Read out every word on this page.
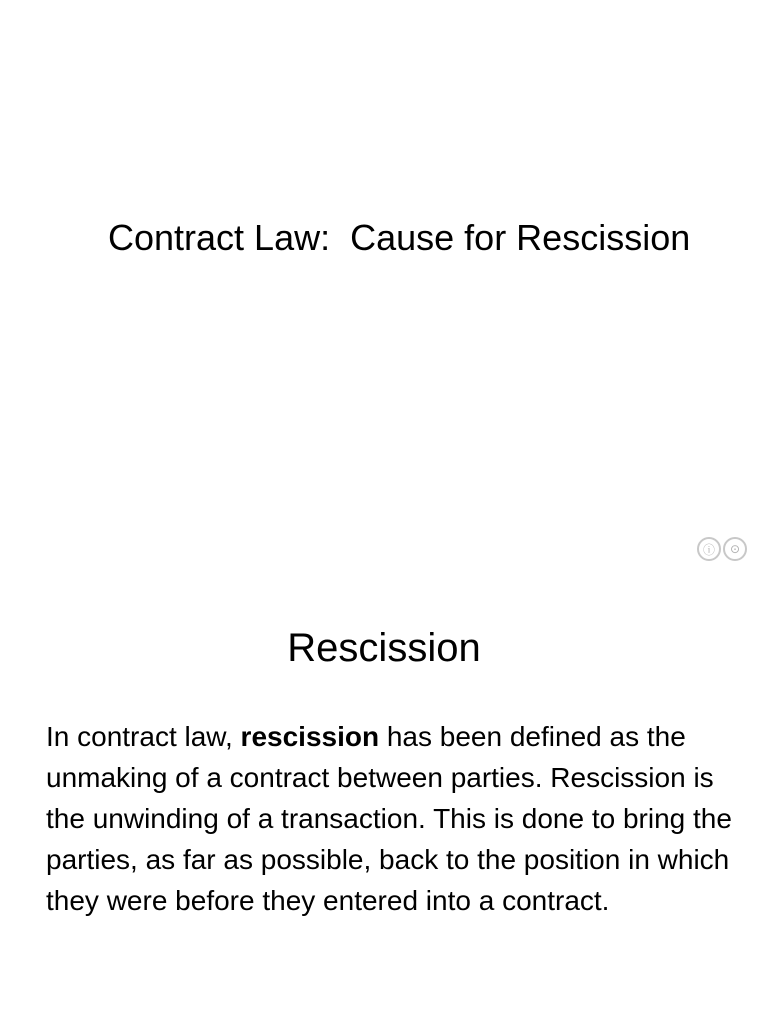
Contract Law:  Cause for Rescission
ⓘ	⊙
Rescission

In contract law, rescission has been defined as the unmaking of a contract between parties. Rescission is the unwinding of a transaction. This is done to bring the parties, as far as possible, back to the position in which they were before they entered into a contract.
